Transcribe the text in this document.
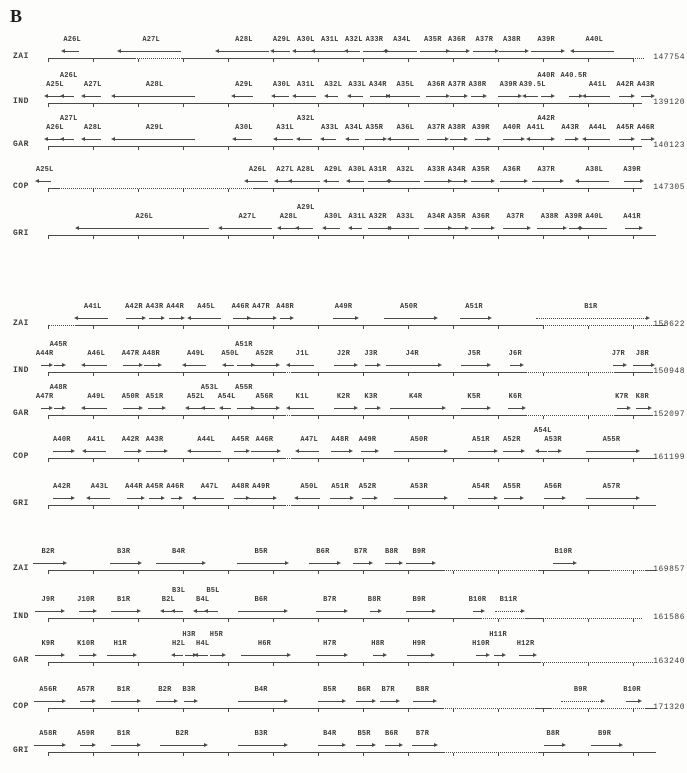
B
ZAI	147754
A26L	A27L	A28L	A29L A30L A31L A32L A33R A34L A35R A36R A37R A38R A39R	A40L
IND	139120
A25L
A26L
A27L	A28L	A29L	A30L A31L A32L A33L A34R A35L A36R A37R A38R A39R A39.5L
A40R A40.5R
A41L A42R A43R
GAR	140123
A26L
A27L
A28L	A29L	A30L	A31L
A32L
A33L A34L A35R A36L A37R A38R A39R A40R A41L
A42R
A43R A44L A45R A46R
COP	147305
A25L	A26L A27L A28L A29L A30L A31R A32L A33R A34R A35R A36R A37R	A38L	A39R
GRI
A26L	A27L	A28L
A29L
A30L A31L A32R A33L A34R A35R A36R A37R A38R A39R A40L	A41R
ZAI	158622
A41L	A42R A43R A44R A45L A46R A47R A48R	A49R	A50R	A51R	B1R
IND	150948
A44R
A45R
A46L A47R A48R	A49L A50L
A51R
A52R	J1L	J2R J3R	J4R	J5R	J6R	J7R J8R
GAR	152097
A47R
A48R
A49L A50R A51R	A52L
A53L
A54L
A55R
A56R	K1L	K2R K3R	K4R	K5R	K6R	K7R K8R
COP	161199
A40R A41L A42R A43R	A44L A45R A46R	A47L A48R A49R	A50R	A51R A52R
A54L
A53R	A55R
GRI
A42R	A43L A44R A45R A46R A47L A48R A49R	A50L A51R A52R	A53R	A54R A55R	A56R	A57R
ZAI	169857
B2R	B3R	B4R	B5R	B6R	B7R	B8R B9R	B10R
IND	161586
J9R	J10R	B1R	B2L
B3L
B4L
B5L
B6R	B7R	B8R	B9R	B10R B11R
GAR	163240
K9R	K10R	H1R	H2L
H3R
H4L
H5R
H6R	H7R	H8R	H9R	H10R
H11R
H12R
COP	171320
A56R	A57R	B1R	B2R B3R	B4R	B5R	B6R B7R	B8R	B9R	B10R
GRI
A58R	A59R	B1R	B2R	B3R	B4R	B5R B6R	B7R	B8R	B9R
